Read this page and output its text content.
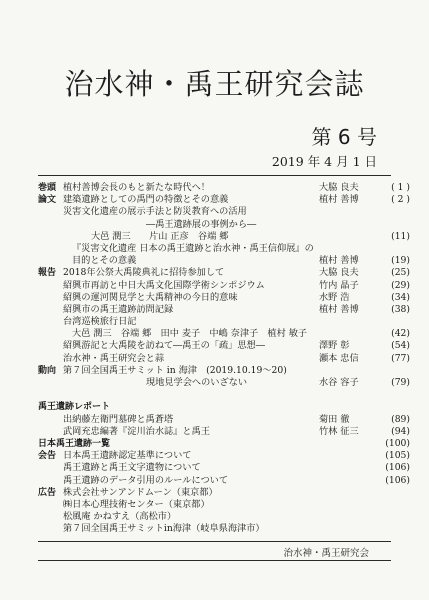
治水神・禹王研究会誌
第 6 号
2019 年 4 月 1 日
巻頭 植村善博会長のもと新たな時代へ！	大脇 良夫	( 1 )
論文 建築遺跡としての禹門の特徴とその意義	植村 善博	( 2 )
災害文化遺産の展示手法と防災教育への活用
―禹王遺跡展の事例から―
大邑 潤三　　片山 正彦　谷端 郷	(11)
『災害文化遺産 日本の禹王遺跡と治水神・禹王信仰展』の
目的とその意義	植村 善博	(19)
報告 2018年公祭大禹陵典礼に招待参加して	大脇 良夫	(25)
紹興市再訪と中日大禹文化国際学術シンポジウム	竹内 晶子	(29)
紹興の運河関見学と大禹精神の今日的意味	水野 浩	(34)
紹興市の禹王遺跡訪問記録	植村 善博	(38)
台湾巡検旅行日記
大邑 潤三　谷端 郷　田中 麦子　中嶋 奈津子　植村 敏子	(42)
紹興游記と大禹陵を訪ねて―禹王の「疏」思想―	澤野 彰	(54)
治水神・禹王研究会と蒜	瀬本 忠信	(77)
動向 第７回全国禹王サミット in 海津　(2019.10.19～20)
現地見学会へのいざない	水谷 容子	(79)
禹王遺跡レポート
出納藤左衛門墓碑と禹蒼塔	菊田 徹	(89)
武岡充忠編著『淀川治水誌』と禹王	竹林 征三	(94)
日本禹王遺跡一覧	(100)
会告 日本禹王遺跡認定基準について	(105)
禹王遺跡と禹王文字遺物について	(106)
禹王遺跡のデータ引用のルールについて	(106)
広告 株式会社サンアンドムーン（東京都）
㈱日本心理技術センター（東京都）
松風庵 かねすえ（高松市）
第７回全国禹王サミットin海津（岐阜県海津市）
治水神・禹王研究会
